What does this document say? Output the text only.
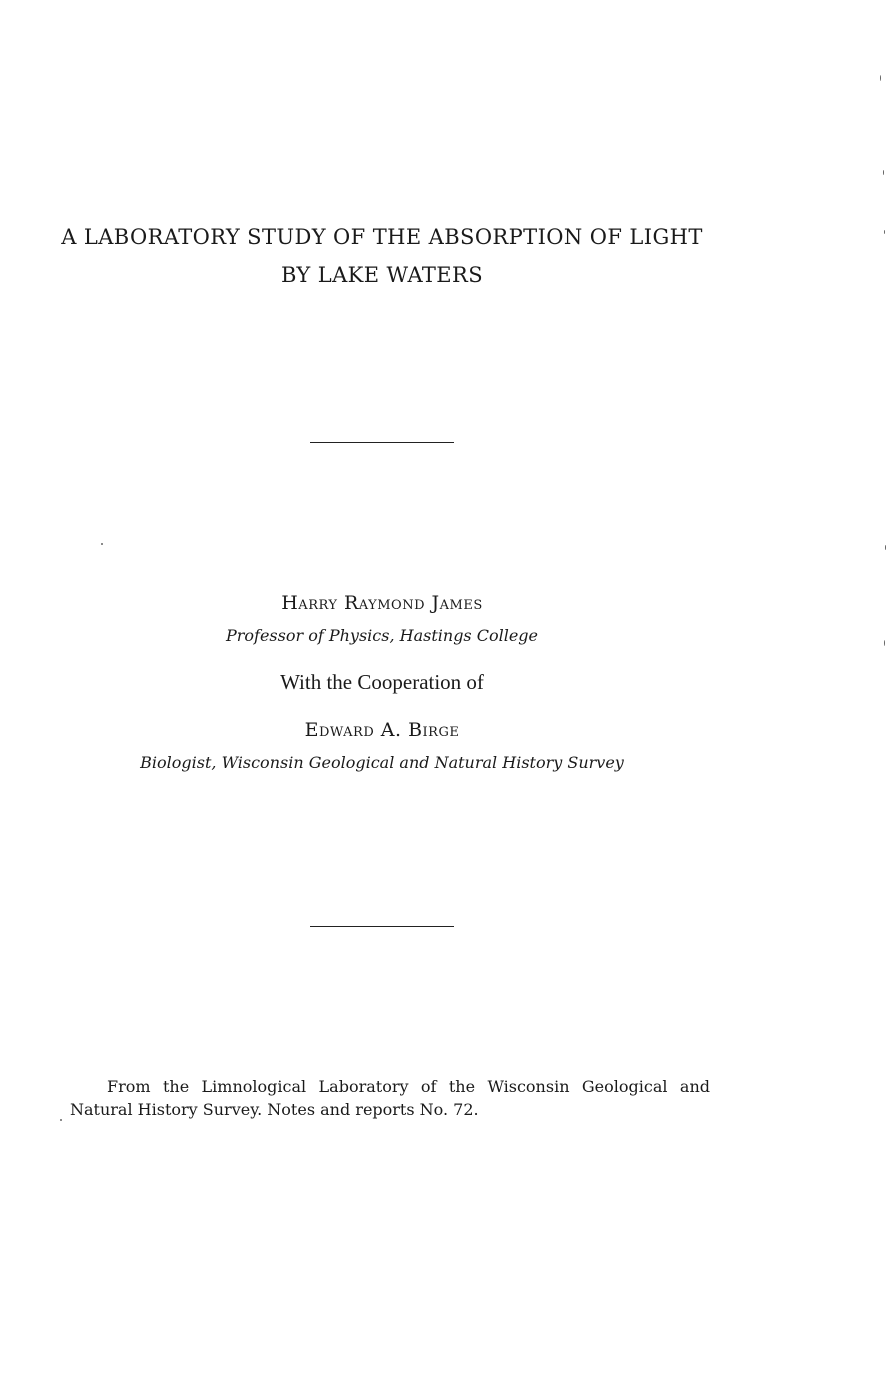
A LABORATORY STUDY OF THE ABSORPTION OF LIGHT
BY LAKE WATERS
Harry Raymond James
Professor of Physics, Hastings College
With the Cooperation of
Edward A. Birge
Biologist, Wisconsin Geological and Natural History Survey
From the Limnological Laboratory of the Wisconsin Geological and Natural History Survey. Notes and reports No. 72.
